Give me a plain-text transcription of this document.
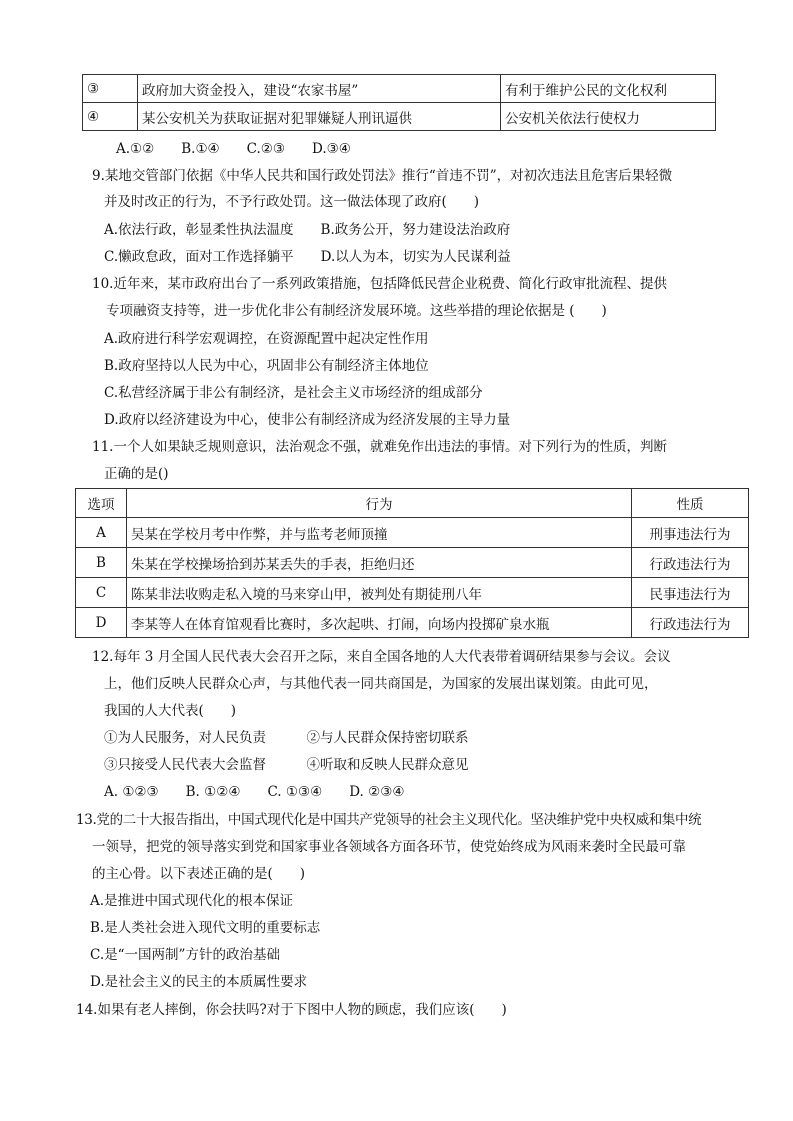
③	政府加大资金投入，建设“农家书屋”	有利于维护公民的文化权利
④	某公安机关为获取证据对犯罪嫌疑人刑讯逼供	公安机关依法行使权力
A.①②　　B.①④　　C.②③　　D.③④
9.某地交管部门依据《中华人民共和国行政处罚法》推行“首违不罚”，对初次违法且危害后果轻微
并及时改正的行为，不予行政处罚。这一做法体现了政府(　　)
A.依法行政，彰显柔性执法温度　　B.政务公开，努力建设法治政府
C.懒政怠政，面对工作选择躺平　　D.以人为本，切实为人民谋利益
10.近年来，某市政府出台了一系列政策措施，包括降低民营企业税费、简化行政审批流程、提供
专项融资支持等，进一步优化非公有制经济发展环境。这些举措的理论依据是 (　　)
A.政府进行科学宏观调控，在资源配置中起决定性作用
B.政府坚持以人民为中心，巩固非公有制经济主体地位
C.私营经济属于非公有制经济，是社会主义市场经济的组成部分
D.政府以经济建设为中心，使非公有制经济成为经济发展的主导力量
11.一个人如果缺乏规则意识，法治观念不强，就难免作出违法的事情。对下列行为的性质，判断
正确的是()
选项	行为	性质
A	吴某在学校月考中作弊，并与监考老师顶撞	刑事违法行为
B	朱某在学校操场拾到苏某丢失的手表，拒绝归还	行政违法行为
C	陈某非法收购走私入境的马来穿山甲，被判处有期徒刑八年	民事违法行为
D	李某等人在体育馆观看比赛时，多次起哄、打闹，向场内投掷矿泉水瓶	行政违法行为
12.每年 3 月全国人民代表大会召开之际，来自全国各地的人大代表带着调研结果参与会议。会议
上，他们反映人民群众心声，与其他代表一同共商国是，为国家的发展出谋划策。由此可见，
我国的人大代表(　　)
①为人民服务，对人民负责　　　②与人民群众保持密切联系
③只接受人民代表大会监督　　　④听取和反映人民群众意见
A. ①②③　　B. ①②④　　C. ①③④　　D. ②③④
13.党的二十大报告指出，中国式现代化是中国共产党领导的社会主义现代化。坚决维护党中央权威和集中统
一领导，把党的领导落实到党和国家事业各领域各方面各环节，使党始终成为风雨来袭时全民最可靠
的主心骨。以下表述正确的是(　　)
A.是推进中国式现代化的根本保证
B.是人类社会进入现代文明的重要标志
C.是“一国两制”方针的政治基础
D.是社会主义的民主的本质属性要求
14.如果有老人摔倒，你会扶吗?对于下图中人物的顾虑，我们应该(　　)
